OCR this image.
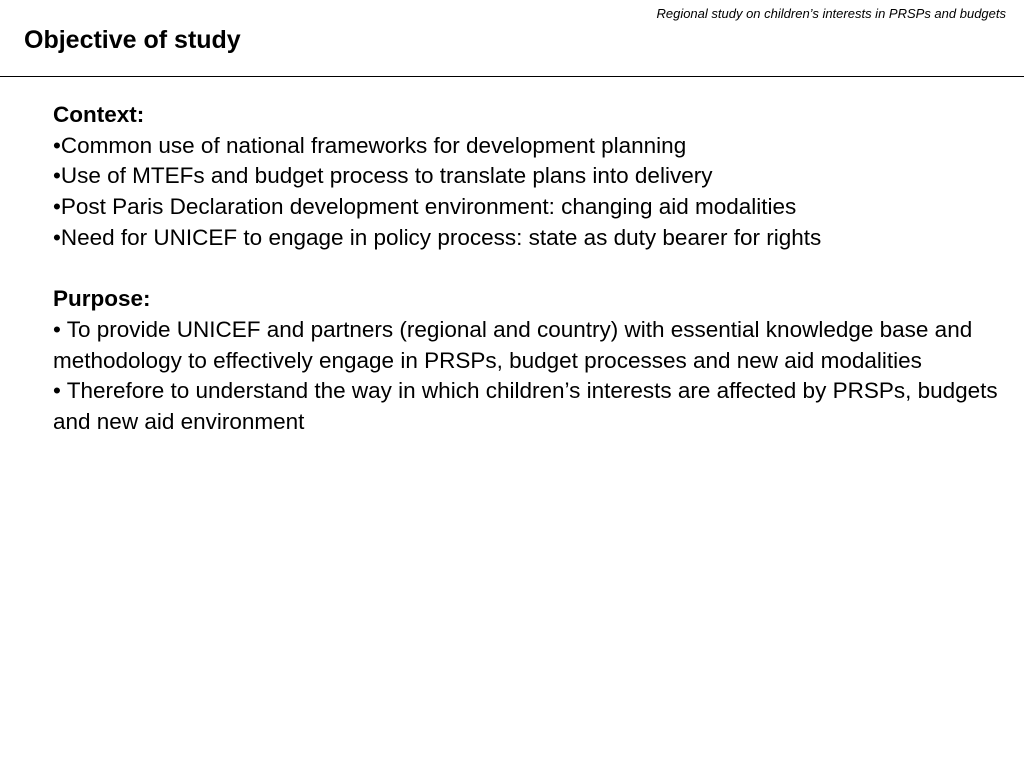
Regional study on children’s interests in PRSPs and budgets
Objective of study
Context:
•Common use of national frameworks for development planning
•Use of MTEFs and budget process to translate plans into delivery
•Post Paris Declaration development environment: changing aid modalities
•Need for UNICEF to engage in policy process: state as duty bearer for rights
Purpose:
• To provide UNICEF and partners (regional and country) with essential knowledge base and methodology to effectively engage in PRSPs, budget processes and new aid modalities
• Therefore to understand the way in which children’s interests are affected by PRSPs, budgets and new aid environment
